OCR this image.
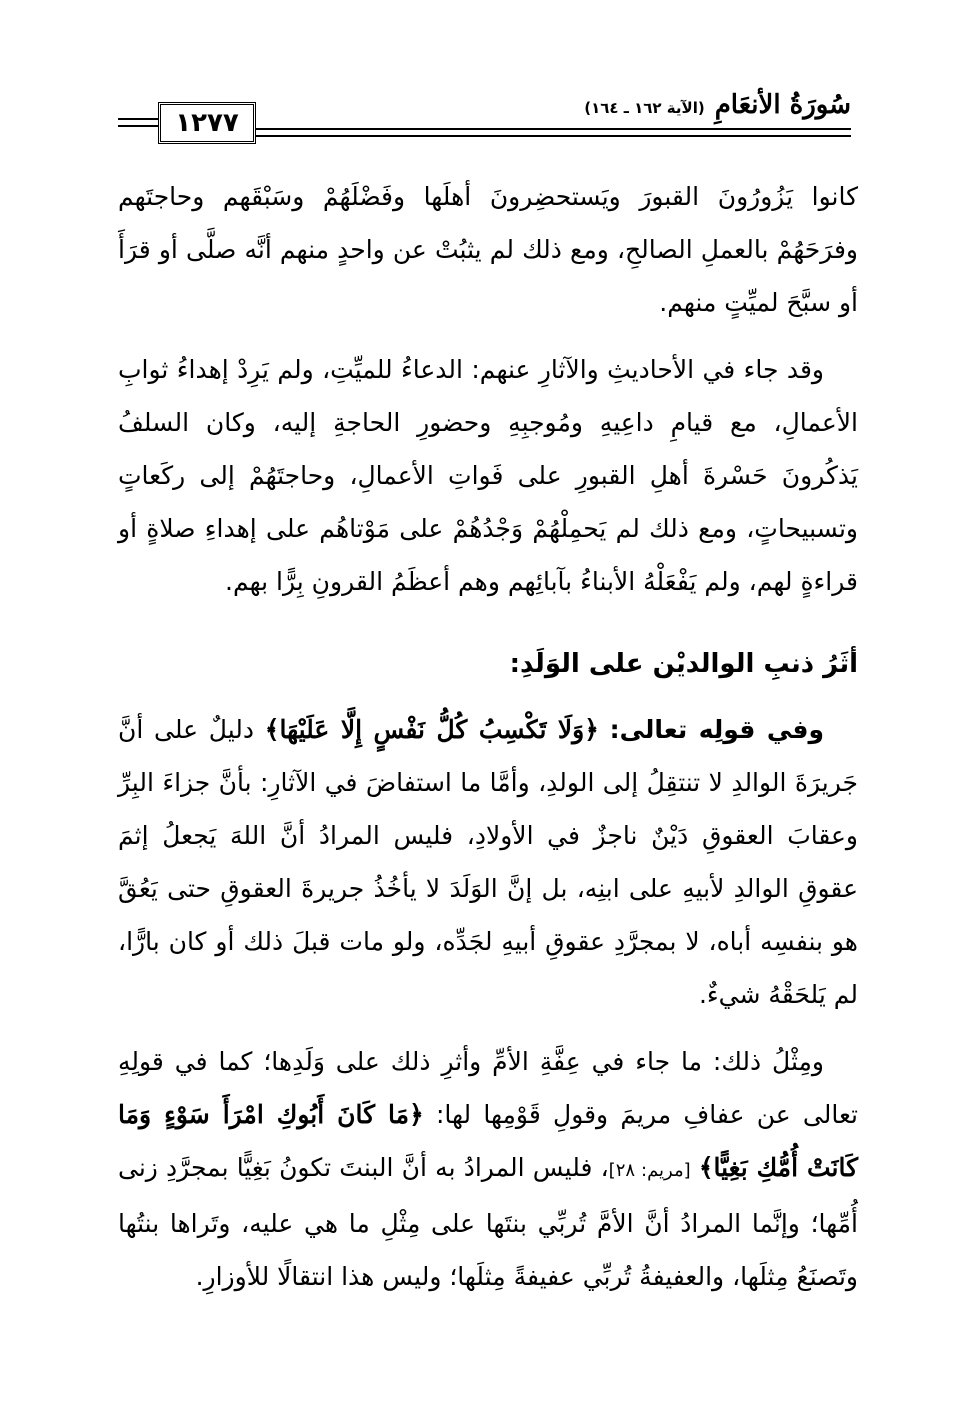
١٢٧٧
سُورَةُ الأنعَامِ
(الآية ١٦٢ ـ ١٦٤)

كانوا يَزُورُونَ القبورَ ويَستحضِرونَ أهلَها وفَضْلَهُمْ وسَبْقَهم وحاجتَهم وفرَحَهُمْ بالعملِ الصالحِ، ومع ذلك لم يثبُتْ عن واحدٍ منهم أنَّه صلَّى أو قرَأَ أو سبَّحَ لميِّتٍ منهم.

وقد جاء في الأحاديثِ والآثارِ عنهم: الدعاءُ للميِّتِ، ولم يَرِدْ إهداءُ ثوابِ الأعمالِ، مع قيامِ داعِيهِ ومُوجبِهِ وحضورِ الحاجةِ إليه، وكان السلفُ يَذكُرونَ حَسْرةَ أهلِ القبورِ على فَواتِ الأعمالِ، وحاجتَهُمْ إلى ركَعاتٍ وتسبيحاتٍ، ومع ذلك لم يَحمِلْهُمْ وَجْدُهُمْ على مَوْتاهُم على إهداءِ صلاةٍ أو قراءةٍ لهم، ولم يَفْعَلْهُ الأبناءُ بآبائِهم وهم أعظَمُ القرونِ بِرًّا بهم.

أثَرُ ذنبِ الوالديْن على الوَلَدِ:

وفي قولِه تعالى: ﴿وَلَا تَكْسِبُ كُلُّ نَفْسٍ إِلَّا عَلَيْهَا﴾ دليلٌ على أنَّ جَريرَةَ الوالدِ لا تنتقِلُ إلى الولدِ، وأمَّا ما استفاضَ في الآثارِ: بأنَّ جزاءَ البِرِّ وعقابَ العقوقِ دَيْنٌ ناجزٌ في الأولادِ، فليس المرادُ أنَّ اللهَ يَجعلُ إثمَ عقوقِ الوالدِ لأبيهِ على ابنِه، بل إنَّ الوَلَدَ لا يأخُذُ جريرةَ العقوقِ حتى يَعُقَّ هو بنفسِه أباه، لا بمجرَّدِ عقوقِ أبيهِ لجَدِّه، ولو مات قبلَ ذلك أو كان بارًّا، لم يَلحَقْهُ شيءٌ.

ومِثْلُ ذلك: ما جاء في عِفَّةِ الأمِّ وأثرِ ذلك على وَلَدِها؛ كما في قولِهِ تعالى عن عفافِ مريمَ وقولِ قَوْمِها لها: ﴿مَا كَانَ أَبُوكِ امْرَأَ سَوْءٍ وَمَا كَانَتْ أُمُّكِ بَغِيًّا﴾ [مريم: ٢٨]، فليس المرادُ به أنَّ البنتَ تكونُ بَغِيًّا بمجرَّدِ زنى أُمِّها؛ وإنَّما المرادُ أنَّ الأمَّ تُربِّي بنتَها على مِثْلِ ما هي عليه، وتَراها بنتُها وتَصنَعُ مِثلَها، والعفيفةُ تُربِّي عفيفةً مِثلَها؛ وليس هذا انتقالًا للأوزارِ.
